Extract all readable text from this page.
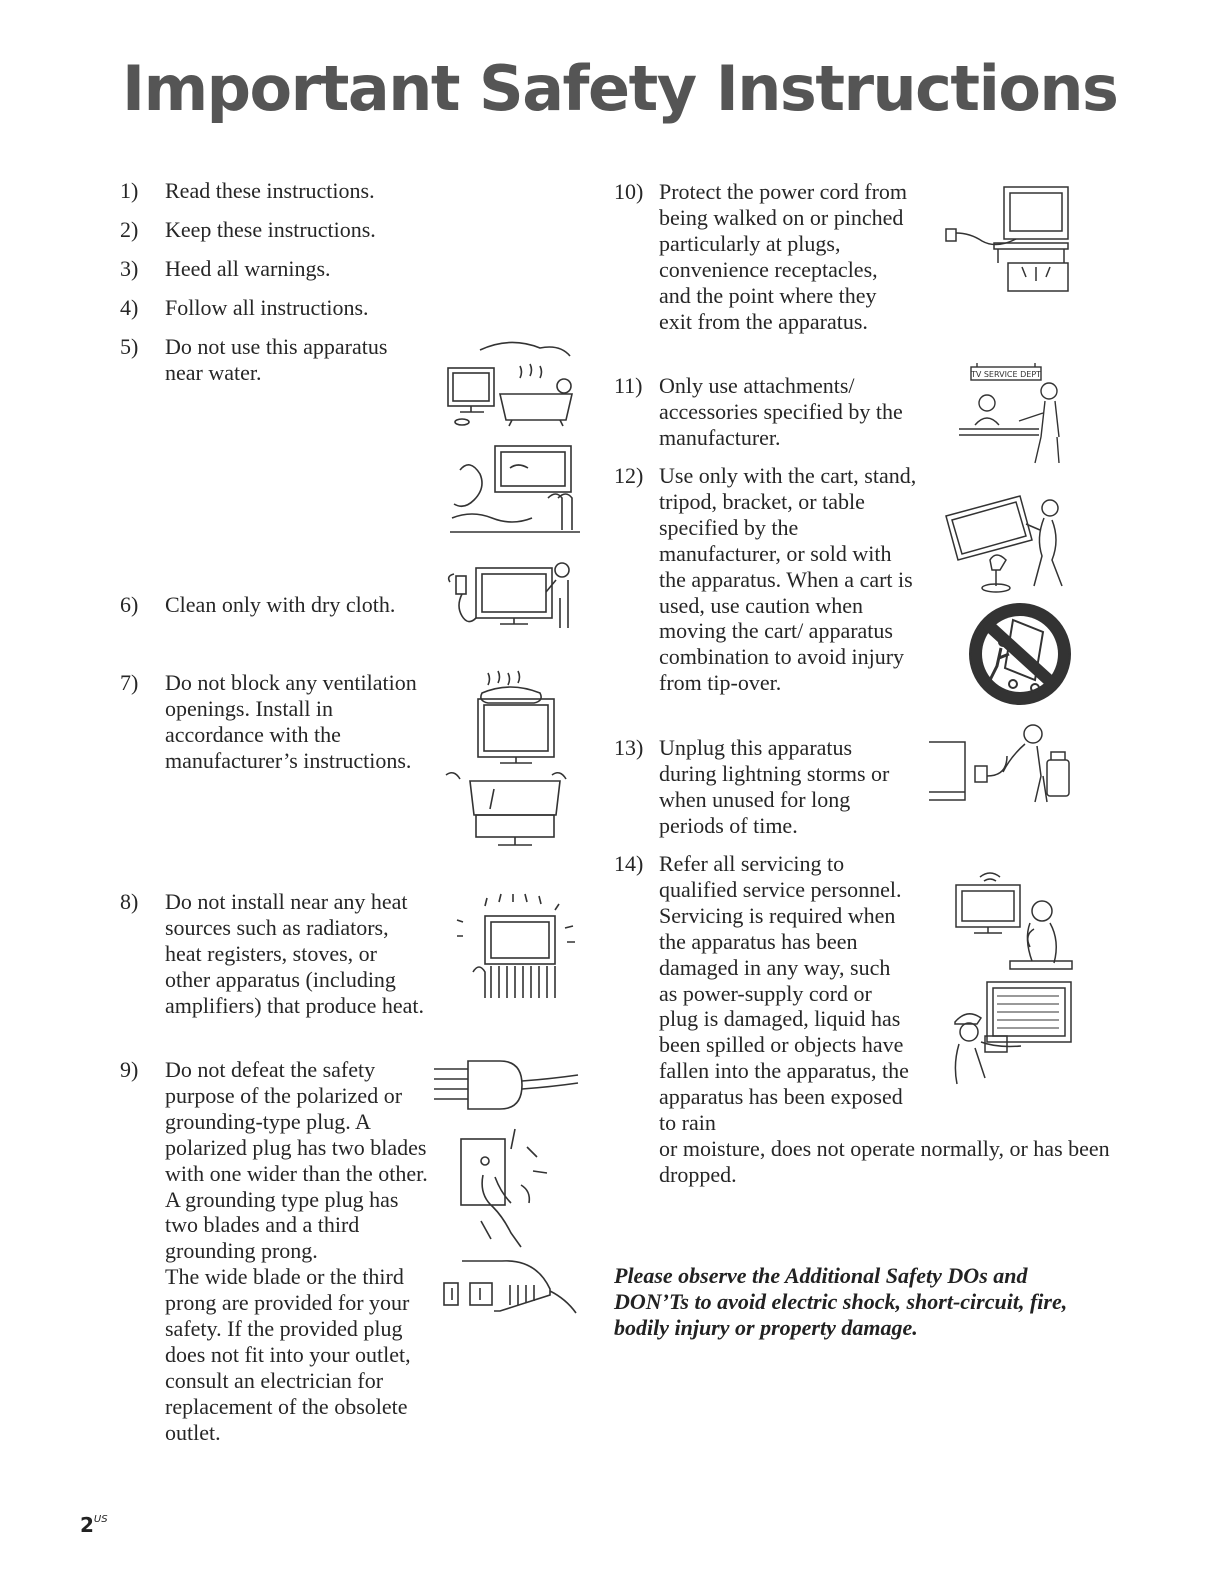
Important Safety Instructions
1) Read these instructions.
2) Keep these instructions.
3) Heed all warnings.
4) Follow all instructions.
5) Do not use this apparatus near water.
6) Clean only with dry cloth.
7) Do not block any ventilation openings. Install in accordance with the manufacturer’s instructions.
8) Do not install near any heat sources such as radiators, heat registers, stoves, or other apparatus (including amplifiers) that produce heat.
9) Do not defeat the safety purpose of the polarized or grounding-type plug. A polarized plug has two blades with one wider than the other. A grounding type plug has two blades and a third grounding prong.
The wide blade or the third prong are provided for your safety. If the provided plug does not fit into your outlet, consult an electrician for replacement of the obsolete outlet.
10) Protect the power cord from being walked on or pinched particularly at plugs, convenience receptacles, and the point where they exit from the apparatus.
11) Only use attachments/ accessories specified by the manufacturer.
12) Use only with the cart, stand, tripod, bracket, or table specified by the manufacturer, or sold with the apparatus. When a cart is used, use caution when moving the cart/ apparatus combination to avoid injury from tip-over.
13) Unplug this apparatus during lightning storms or when unused for long periods of time.
14) Refer all servicing to qualified service personnel. Servicing is required when the apparatus has been damaged in any way, such as power-supply cord or plug is damaged, liquid has been spilled or objects have fallen into the apparatus, the apparatus has been exposed to rain
or moisture, does not operate normally, or has been dropped.
Please observe the Additional Safety DOs and DON’Ts to avoid electric shock, short-circuit, fire, bodily injury or property damage.
$2^{US}$
TV SERVICE DEPT
